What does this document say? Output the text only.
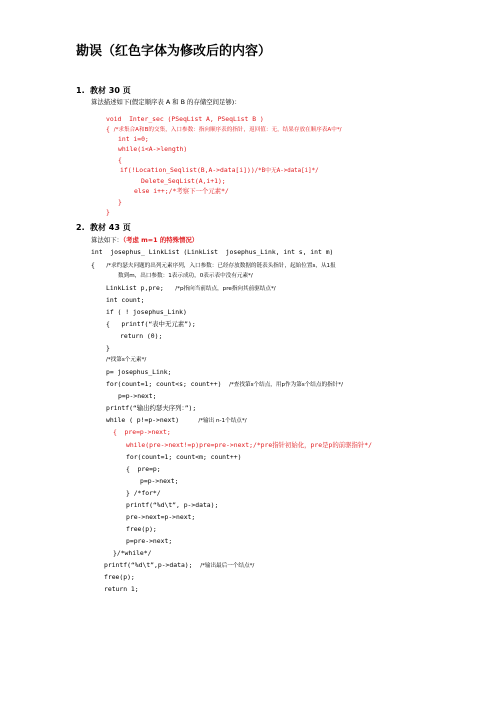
勘误（红色字体为修改后的内容）
1. 教材 30 页
算法描述如下(假定顺序表 A 和 B 的存储空间足够)：
void  Inter_sec (PSeqList A, PSeqList B )
{ /*求集合A和B的交集，入口参数：指向顺序表的指针，返回值：无，结果存放在顺序表A中*/
int i=0;
while(i<A->length)
{
if(!Location_Seqlist(B,A->data[i]))/*B中无A->data[i]*/
Delete_SeqList(A,i+1);
else i++;/*考察下一个元素*/
}
}
2. 教材 43 页
算法如下：（考虑 m=1 的特殊情况）
int  josephus_ LinkList (LinkList  josephus_Link, int s, int m)
{   /*求约瑟夫问题的出列元素序列，入口参数：已经存放数据的链表头指针，起始位置s，从1报
数到m，出口参数：1表示成功，0表示表中没有元素*/
LinkList p,pre;   /*p指向当前结点，pre指向其前驱结点*/
int count;
if ( ! josephus_Link)
{   printf(“表中无元素”);
return (0);
}
/*找第s个元素*/
p= josephus_Link;
for(count=1; count<s; count++)  /*查找第s个结点，用p作为第s个结点的指针*/
p=p->next;
printf(“输出约瑟夫序列：”);
while ( p!=p->next)     /*输出 n-1个结点*/
{  pre=p->next;
while(pre->next!=p)pre=pre->next;/*pre指针初始化，pre是p的前驱指针*/
for(count=1; count<m; count++)
{  pre=p;
p=p->next;
} /*for*/
printf(“%d\t”, p->data);
pre->next=p->next;
free(p);
p=pre->next;
}/*while*/
printf(“%d\t”,p->data);  /*输出最后一个结点*/
free(p);
return 1;
